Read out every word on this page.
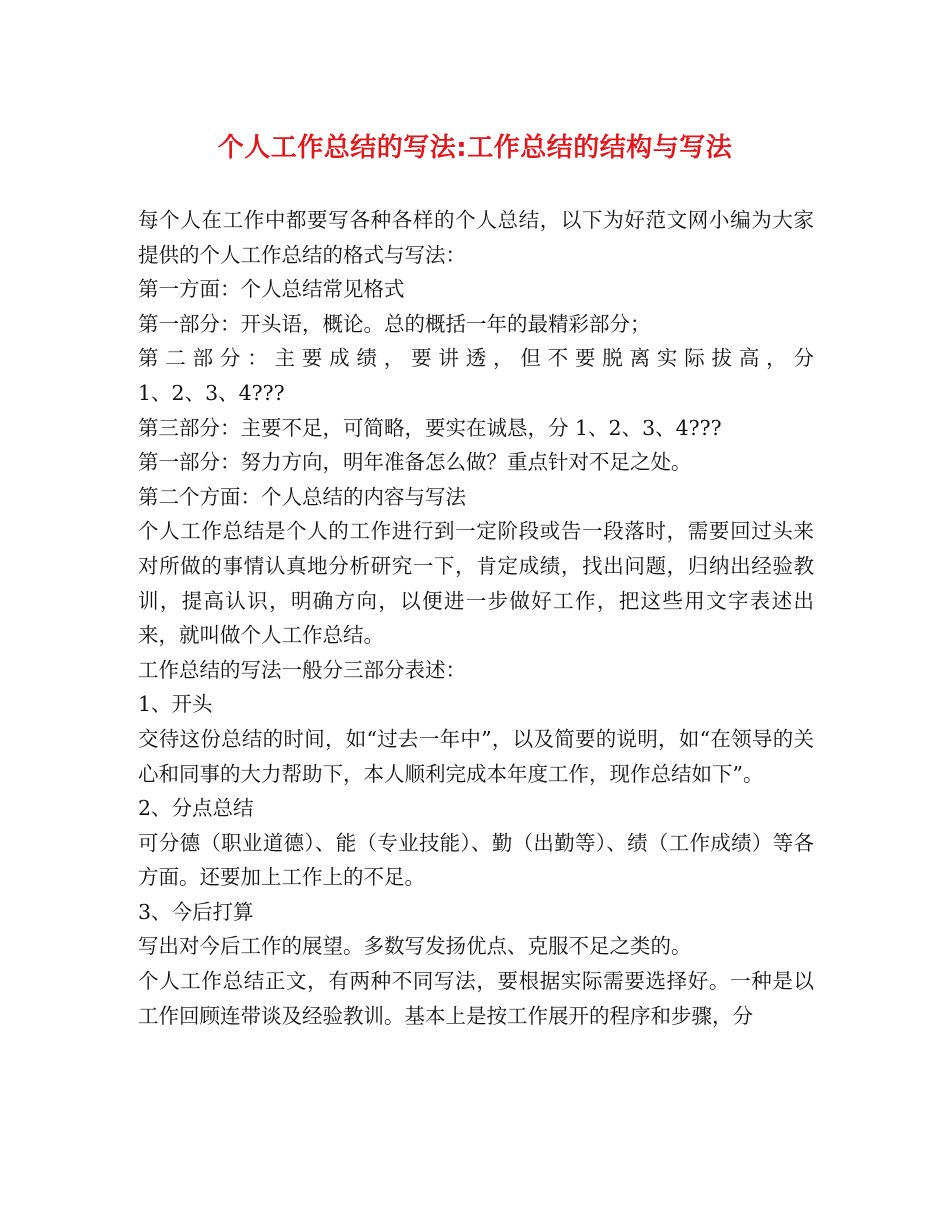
个人工作总结的写法:工作总结的结构与写法

每个人在工作中都要写各种各样的个人总结，以下为好范文网小编为大家提供的个人工作总结的格式与写法：

第一方面：个人总结常见格式

第一部分：开头语，概论。总的概括一年的最精彩部分；

第二部分：主要成绩，要讲透，但不要脱离实际拔高，分

1、2、3、4???

第三部分：主要不足，可简略，要实在诚恳，分 1、2、3、4???

第一部分：努力方向，明年准备怎么做？重点针对不足之处。

第二个方面：个人总结的内容与写法

个人工作总结是个人的工作进行到一定阶段或告一段落时，需要回过头来对所做的事情认真地分析研究一下，肯定成绩，找出问题，归纳出经验教训，提高认识，明确方向，以便进一步做好工作，把这些用文字表述出来，就叫做个人工作总结。

工作总结的写法一般分三部分表述：

1、开头

交待这份总结的时间，如“过去一年中”，以及简要的说明，如“在领导的关心和同事的大力帮助下，本人顺利完成本年度工作，现作总结如下”。

2、分点总结

可分德（职业道德）、能（专业技能）、勤（出勤等）、绩（工作成绩）等各方面。还要加上工作上的不足。

3、今后打算

写出对今后工作的展望。多数写发扬优点、克服不足之类的。

个人工作总结正文，有两种不同写法，要根据实际需要选择好。一种是以工作回顾连带谈及经验教训。基本上是按工作展开的程序和步骤，分
